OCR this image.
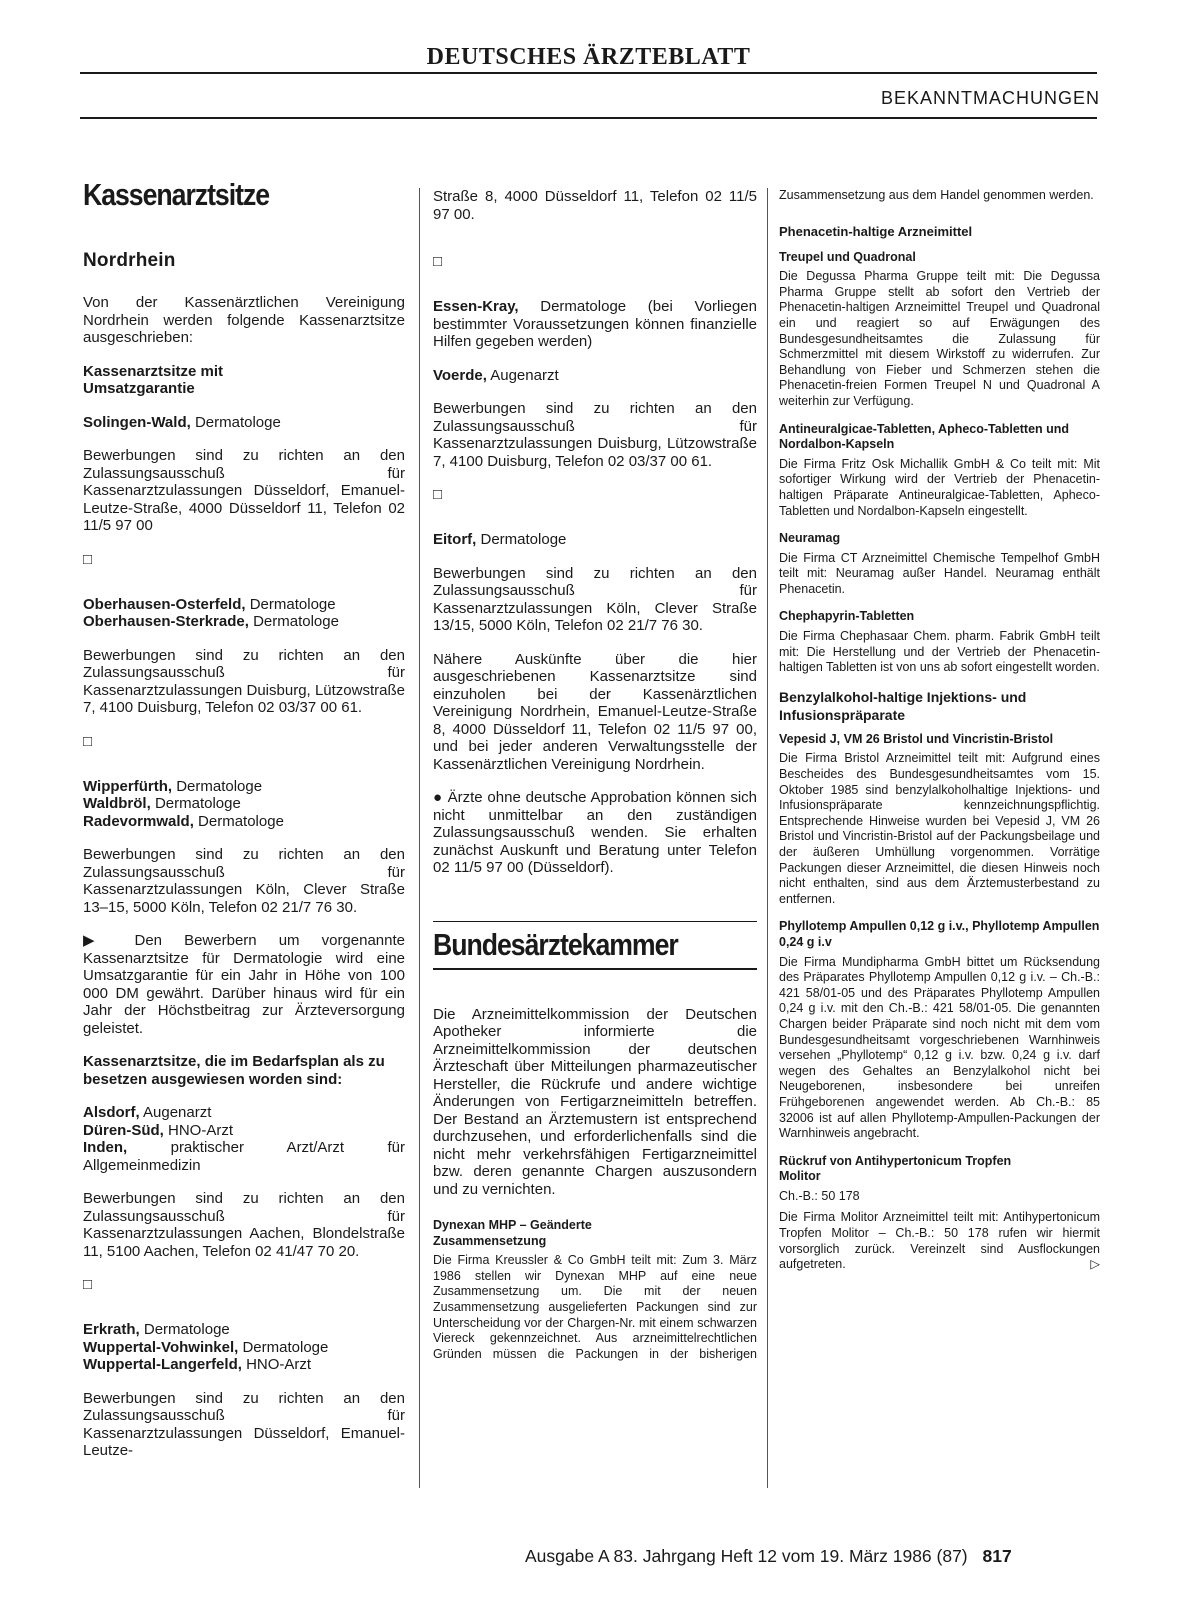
DEUTSCHES ÄRZTEBLATT
BEKANNTMACHUNGEN
Kassenarztsitze
Nordrhein

Von der Kassenärztlichen Vereinigung Nordrhein werden folgende Kassenarztsitze ausgeschrieben:

Kassenarztsitze mit Umsatzgarantie

Solingen-Wald, Dermatologe

Bewerbungen sind zu richten an den Zulassungsausschuß für Kassenarztzulassungen Düsseldorf, Emanuel-Leutze-Straße, 4000 Düsseldorf 11, Telefon 02 11/5 97 00

□

Oberhausen-Osterfeld, Dermatologe
Oberhausen-Sterkrade, Dermatologe

Bewerbungen sind zu richten an den Zulassungsausschuß für Kassenarztzulassungen Duisburg, Lützowstraße 7, 4100 Duisburg, Telefon 02 03/37 00 61.

□

Wipperfürth, Dermatologe
Waldbröl, Dermatologe
Radevormwald, Dermatologe

Bewerbungen sind zu richten an den Zulassungsausschuß für Kassenarztzulassungen Köln, Clever Straße 13–15, 5000 Köln, Telefon 02 21/7 76 30.

▶ Den Bewerbern um vorgenannte Kassenarztsitze für Dermatologie wird eine Umsatzgarantie für ein Jahr in Höhe von 100 000 DM gewährt. Darüber hinaus wird für ein Jahr der Höchstbeitrag zur Ärzteversorgung geleistet.

Kassenarztsitze, die im Bedarfsplan als zu besetzen ausgewiesen worden sind:

Alsdorf, Augenarzt
Düren-Süd, HNO-Arzt
Inden, praktischer Arzt/Arzt für Allgemeinmedizin

Bewerbungen sind zu richten an den Zulassungsausschuß für Kassenarztzulassungen Aachen, Blondelstraße 11, 5100 Aachen, Telefon 02 41/47 70 20.

□

Erkrath, Dermatologe
Wuppertal-Vohwinkel, Dermatologe
Wuppertal-Langerfeld, HNO-Arzt

Bewerbungen sind zu richten an den Zulassungsausschuß für Kassenarztzulassungen Düsseldorf, Emanuel-Leutze-

Straße 8, 4000 Düsseldorf 11, Telefon 02 11/5 97 00.

□

Essen-Kray, Dermatologe (bei Vorliegen bestimmter Voraussetzungen können finanzielle Hilfen gegeben werden)

Voerde, Augenarzt

Bewerbungen sind zu richten an den Zulassungsausschuß für Kassenarztzulassungen Duisburg, Lützowstraße 7, 4100 Duisburg, Telefon 02 03/37 00 61.

□

Eitorf, Dermatologe

Bewerbungen sind zu richten an den Zulassungsausschuß für Kassenarztzulassungen Köln, Clever Straße 13/15, 5000 Köln, Telefon 02 21/7 76 30.

Nähere Auskünfte über die hier ausgeschriebenen Kassenarztsitze sind einzuholen bei der Kassenärztlichen Vereinigung Nordrhein, Emanuel-Leutze-Straße 8, 4000 Düsseldorf 11, Telefon 02 11/5 97 00, und bei jeder anderen Verwaltungsstelle der Kassenärztlichen Vereinigung Nordrhein.

● Ärzte ohne deutsche Approbation können sich nicht unmittelbar an den zuständigen Zulassungsausschuß wenden. Sie erhalten zunächst Auskunft und Beratung unter Telefon 02 11/5 97 00 (Düsseldorf).

Bundesärztekammer

Die Arzneimittelkommission der Deutschen Apotheker informierte die Arzneimittelkommission der deutschen Ärzteschaft über Mitteilungen pharmazeutischer Hersteller, die Rückrufe und andere wichtige Änderungen von Fertigarzneimitteln betreffen. Der Bestand an Ärztemustern ist entsprechend durchzusehen, und erforderlichenfalls sind die nicht mehr verkehrsfähigen Fertigarzneimittel bzw. deren genannte Chargen auszusondern und zu vernichten.

Dynexan MHP – Geänderte Zusammensetzung

Die Firma Kreussler & Co GmbH teilt mit: Zum 3. März 1986 stellen wir Dynexan MHP auf eine neue Zusammensetzung um. Die mit der neuen Zusammensetzung ausgelieferten Packungen sind zur Unterscheidung vor der Chargen-Nr. mit einem schwarzen Viereck gekennzeichnet. Aus arzneimittelrechtlichen Gründen müssen die Packungen in der bisherigen

Zusammensetzung aus dem Handel genommen werden.

Phenacetin-haltige Arzneimittel

Treupel und Quadronal

Die Degussa Pharma Gruppe teilt mit: Die Degussa Pharma Gruppe stellt ab sofort den Vertrieb der Phenacetin-haltigen Arzneimittel Treupel und Quadronal ein und reagiert so auf Erwägungen des Bundesgesundheitsamtes die Zulassung für Schmerzmittel mit diesem Wirkstoff zu widerrufen. Zur Behandlung von Fieber und Schmerzen stehen die Phenacetin-freien Formen Treupel N und Quadronal A weiterhin zur Verfügung.

Antineuralgicae-Tabletten, Apheco-Tabletten und Nordalbon-Kapseln

Die Firma Fritz Osk Michallik GmbH & Co teilt mit: Mit sofortiger Wirkung wird der Vertrieb der Phenacetin-haltigen Präparate Antineuralgicae-Tabletten, Apheco-Tabletten und Nordalbon-Kapseln eingestellt.

Neuramag

Die Firma CT Arzneimittel Chemische Tempelhof GmbH teilt mit: Neuramag außer Handel. Neuramag enthält Phenacetin.

Chephapyrin-Tabletten

Die Firma Chephasaar Chem. pharm. Fabrik GmbH teilt mit: Die Herstellung und der Vertrieb der Phenacetin-haltigen Tabletten ist von uns ab sofort eingestellt worden.

Benzylalkohol-haltige Injektions- und Infusionspräparate

Vepesid J, VM 26 Bristol und Vincristin-Bristol

Die Firma Bristol Arzneimittel teilt mit: Aufgrund eines Bescheides des Bundesgesundheitsamtes vom 15. Oktober 1985 sind benzylalkoholhaltige Injektions- und Infusionspräparate kennzeichnungspflichtig. Entsprechende Hinweise wurden bei Vepesid J, VM 26 Bristol und Vincristin-Bristol auf der Packungsbeilage und der äußeren Umhüllung vorgenommen. Vorrätige Packungen dieser Arzneimittel, die diesen Hinweis noch nicht enthalten, sind aus dem Ärztemusterbestand zu entfernen.

Phyllotemp Ampullen 0,12 g i.v., Phyllotemp Ampullen 0,24 g i.v

Die Firma Mundipharma GmbH bittet um Rücksendung des Präparates Phyllotemp Ampullen 0,12 g i.v. – Ch.-B.: 421 58/01-05 und des Präparates Phyllotemp Ampullen 0,24 g i.v. mit den Ch.-B.: 421 58/01-05. Die genannten Chargen beider Präparate sind noch nicht mit dem vom Bundesgesundheitsamt vorgeschriebenen Warnhinweis versehen „Phyllotemp“ 0,12 g i.v. bzw. 0,24 g i.v. darf wegen des Gehaltes an Benzylalkohol nicht bei Neugeborenen, insbesondere bei unreifen Frühgeborenen angewendet werden. Ab Ch.-B.: 85 32006 ist auf allen Phyllotemp-Ampullen-Packungen der Warnhinweis angebracht.

Rückruf von Antihypertonicum Tropfen Molitor

Ch.-B.: 50 178

Die Firma Molitor Arzneimittel teilt mit: Antihypertonicum Tropfen Molitor – Ch.-B.: 50 178 rufen wir hiermit vorsorglich zurück. Vereinzelt sind Ausflockungen aufgetreten.	▷

Ausgabe A 83. Jahrgang Heft 12 vom 19. März 1986 (87) 817
